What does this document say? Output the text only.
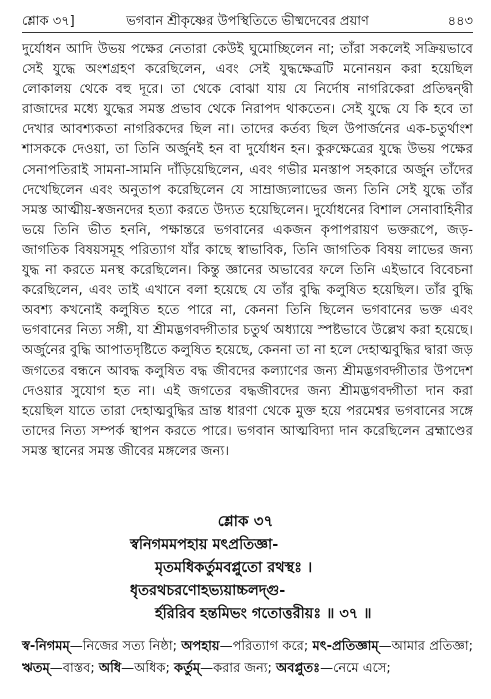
শ্লোক ৩৭]	ভগবান শ্রীকৃষ্ণের উপস্থিতিতে ভীষ্মদেবের প্রয়াণ	৪৪৩

দুর্যোধন আদি উভয় পক্ষের নেতারা কেউই ঘুমোচ্ছিলেন না; তাঁরা সকলেই সক্রিয়ভাবে সেই যুদ্ধে অংশগ্রহণ করেছিলেন, এবং সেই যুদ্ধক্ষেত্রটি মনোনয়ন করা হয়েছিল লোকালয় থেকে বহু দূরে। তা থেকে বোঝা যায় যে নির্দোষ নাগরিকেরা প্রতিদ্বন্দ্বী রাজাদের মধ্যে যুদ্ধের সমস্ত প্রভাব থেকে নিরাপদ থাকতেন। সেই যুদ্ধে যে কি হবে তা দেখার আবশ্যকতা নাগরিকদের ছিল না। তাদের কর্তব্য ছিল উপার্জনের এক-চতুর্থাংশ শাসককে দেওয়া, তা তিনি অর্জুনই হন বা দুর্যোধন হন। কুরুক্ষেত্রের যুদ্ধে উভয় পক্ষের সেনাপতিরাই সামনা-সামনি দাঁড়িয়েছিলেন, এবং গভীর মনস্তাপ সহকারে অর্জুন তাঁদের দেখেছিলেন এবং অনুতাপ করেছিলেন যে সাম্রাজ্যলাভের জন্য তিনি সেই যুদ্ধে তাঁর সমস্ত আত্মীয়-স্বজনদের হত্যা করতে উদ্যত হয়েছিলেন। দুর্যোধনের বিশাল সেনাবাহিনীর ভয়ে তিনি ভীত হননি, পক্ষান্তরে ভগবানের একজন কৃপাপরায়ণ ভক্তরূপে, জড়-জাগতিক বিষয়সমূহ পরিত্যাগ যাঁর কাছে স্বাভাবিক, তিনি জাগতিক বিষয় লাভের জন্য যুদ্ধ না করতে মনস্থ করেছিলেন। কিন্তু জ্ঞানের অভাবের ফলে তিনি এইভাবে বিবেচনা করেছিলেন, এবং তাই এখানে বলা হয়েছে যে তাঁর বুদ্ধি কলুষিত হয়েছিল। তাঁর বুদ্ধি অবশ্য কখনোই কলুষিত হতে পারে না, কেননা তিনি ছিলেন ভগবানের ভক্ত এবং ভগবানের নিত্য সঙ্গী, যা শ্রীমদ্ভগবদ্গীতার চতুর্থ অধ্যায়ে স্পষ্টভাবে উল্লেখ করা হয়েছে। অর্জুনের বুদ্ধি আপাতদৃষ্টিতে কলুষিত হয়েছে, কেননা তা না হলে দেহাত্মবুদ্ধির দ্বারা জড় জগতের বন্ধনে আবদ্ধ কলুষিত বদ্ধ জীবদের কল্যাণের জন্য শ্রীমদ্ভগবদ্গীতার উপদেশ দেওয়ার সুযোগ হত না। এই জগতের বদ্ধজীবদের জন্য শ্রীমদ্ভগবদ্গীতা দান করা হয়েছিল যাতে তারা দেহাত্মবুদ্ধির ভ্রান্ত ধারণা থেকে মুক্ত হয়ে পরমেশ্বর ভগবানের সঙ্গে তাদের নিত্য সম্পর্ক স্থাপন করতে পারে। ভগবান আত্মবিদ্যা দান করেছিলেন ব্রহ্মাণ্ডের সমস্ত স্থানের সমস্ত জীবের মঙ্গলের জন্য।

শ্লোক ৩৭
স্বনিগমমপহায় মৎপ্রতিজ্ঞা-
মৃতমধিকর্তুমবপ্লুতো রথস্থঃ ।
ধৃতরথচরণোহভ্যয়াচ্চলদ্গু-
র্হরিরিব হন্তমিভং গতোত্তরীয়ঃ ॥ ৩৭ ॥
স্ব-নিগমম্—নিজের সত্য নিষ্ঠা; অপহায়—পরিত্যাগ করে; মৎ-প্রতিজ্ঞাম্—আমার প্রতিজ্ঞা; ঋতম্—বাস্তব; অধি—অধিক; কর্তুম্—করার জন্য; অবপ্লুতঃ—নেমে এসে;
